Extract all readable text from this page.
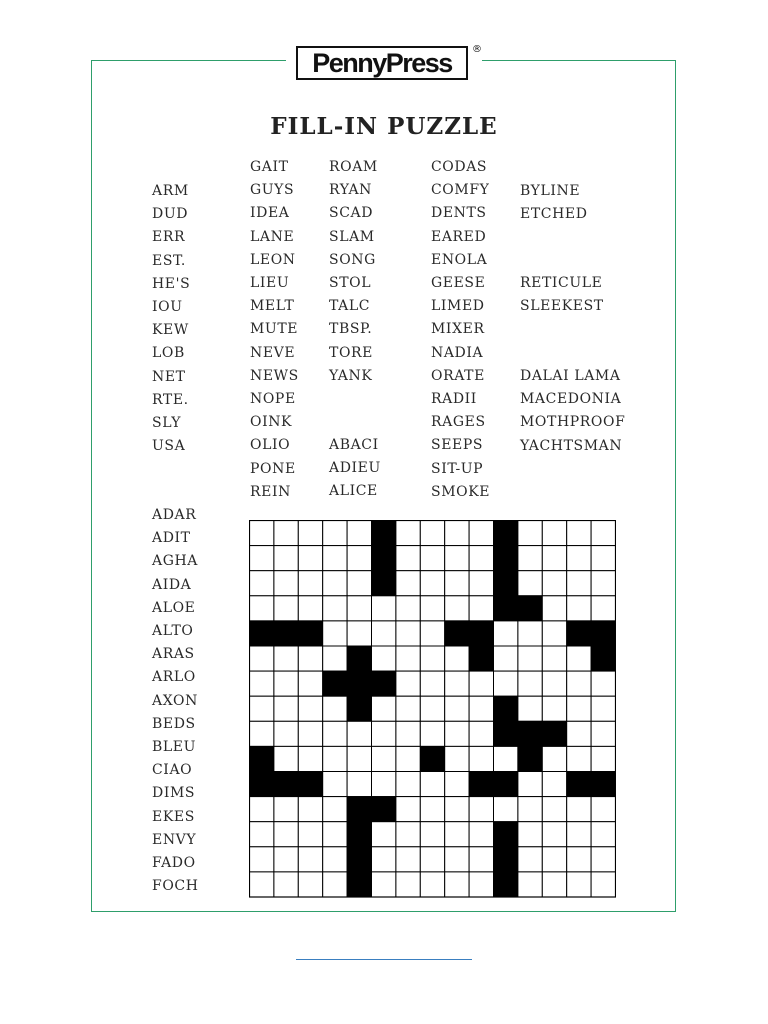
PennyPress ®
FILL-IN PUZZLE
ARM
DUD
ERR
EST.
HE'S
IOU
KEW
LOB
NET
RTE.
SLY
USA
GAIT
GUYS
IDEA
LANE
LEON
LIEU
MELT
MUTE
NEVE
NEWS
NOPE
OINK
OLIO
PONE
REIN
ROAM
RYAN
SCAD
SLAM
SONG
STOL
TALC
TBSP.
TORE
YANK
ABACI
ADIEU
ALICE
CODAS
COMFY
DENTS
EARED
ENOLA
GEESE
LIMED
MIXER
NADIA
ORATE
RADII
RAGES
SEEPS
SIT-UP
SMOKE
BYLINE
ETCHED
RETICULE
SLEEKEST
DALAI LAMA
MACEDONIA
MOTHPROOF
YACHTSMAN
ADAR
ADIT
AGHA
AIDA
ALOE
ALTO
ARAS
ARLO
AXON
BEDS
BLEU
CIAO
DIMS
EKES
ENVY
FADO
FOCH
